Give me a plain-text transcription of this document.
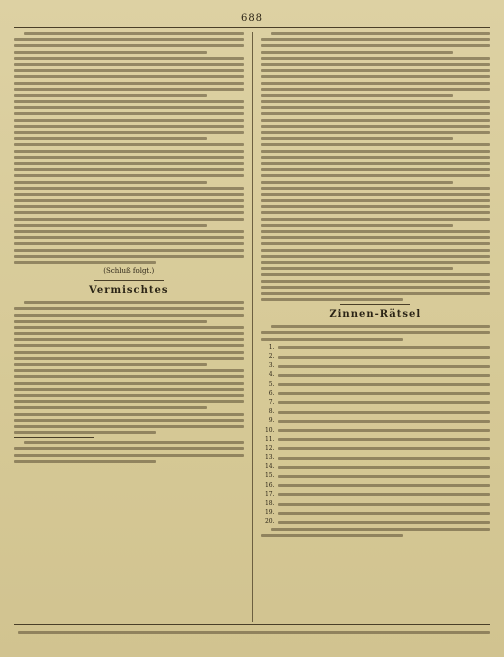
688

(Schluß folgt.)
Vermischtes

Zinnen-Rätsel

1.
2.
3.
4.
5.
6.
7.
8.
9.
10.
11.
12.
13.
14.
15.
16.
17.
18.
19.
20.
